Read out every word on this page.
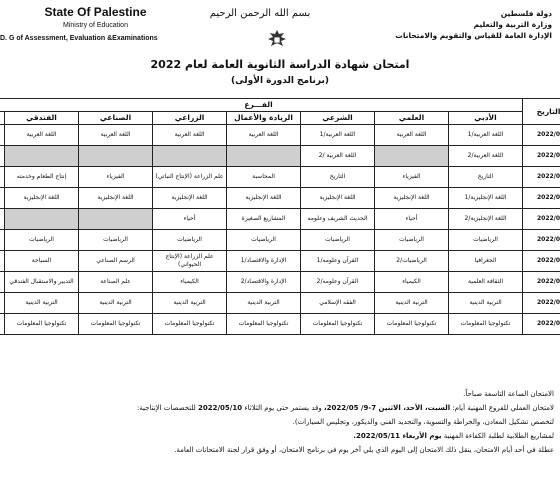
State Of Palestine
Ministry of Education
D. G of Assessment, Evaluation &Examinations
بسم الله الرحمن الرحيم	دولة فلسطين
وزارة التربية والتعليم
الإدارة العامة للقياس والتقويم والامتحانات
امتحان شهادة الدراسة الثانوية العامة لعام 2022
(برنامج الدورة الأولى)
التاريخ	الفـــرع							
	الأدبي	العلمي	الشرعي	الريادة والأعمال	الزراعي	الصناعي	الفندقي	
2022/0	اللغة العربية/1	اللغة العربية	اللغة العربية/1	اللغة العربية	اللغة العربية	اللغة العربية	اللغة العربية	
2022/0	اللغة العربية/2		اللغة العربية /2					
2022/0	التاريخ	الفيزياء	التاريخ	المحاسبة	علم الزراعة (الإنتاج النباتي)	الفيزياء	إنتاج الطعام وخدمته	
2022/0	اللغة الإنجليزية/1	اللغة الإنجليزية	اللغة الإنجليزية	اللغة الإنجليزية	اللغة الإنجليزية	اللغة الإنجليزية	اللغة الإنجليزية	
2022/0	اللغة الإنجليزية/2	أحياء	الحديث الشريف وعلومه	المشاريع الصغيرة	أحياء			
2022/0	الرياضيات	الرياضيات	الرياضيات	الرياضيات	الرياضيات	الرياضيات	الرياضيات	
2022/0	الجغرافيا	الرياضيات/2	القرآن وعلومه/1	الإدارة والاقتصاد/1	علم الزراعة (الإنتاج الحيواني)	الرسم الصناعي	السياحة	
2022/0	الثقافة العلمية	الكيمياء	القرآن وعلومه/2	الإدارة والاقتصاد/2	الكيمياء	علم الصناعة	التدبير والاستقبال الفندقي	
2022/0	التربية الدينية	التربية الدينية	الفقه الإسلامي	التربية الدينية	التربية الدينية	التربية الدينية	التربية الدينية	
2022/0	تكنولوجيا المعلومات	تكنولوجيا المعلومات	تكنولوجيا المعلومات	تكنولوجيا المعلومات	تكنولوجيا المعلومات	تكنولوجيا المعلومات	تكنولوجيا المعلومات	
الامتحان الساعة التاسعة صباحاً.
لامتحان العملي للفروع المهنية أيام: السبت، الأحد، الاثنين 7-9/ 2022/05، وقد يستمر حتى يوم الثلاثاء 2022/05/10 للتخصصات الإنتاجية:
لتخصص تشكيل المعادن، والخراطة والتسوية، والتجديد الفني والديكور، وتجليس السيارات).
لمشاريع الطلابية لطلبة الكفاءة المهنية يوم الأربعاء 2022/05/11.
عطلة في أحد أيام الامتحان، ينقل ذلك الامتحان إلى اليوم الذي يلي آخر يوم في برنامج الامتحان، أو وفق قرار لجنة الامتحانات العامة.
